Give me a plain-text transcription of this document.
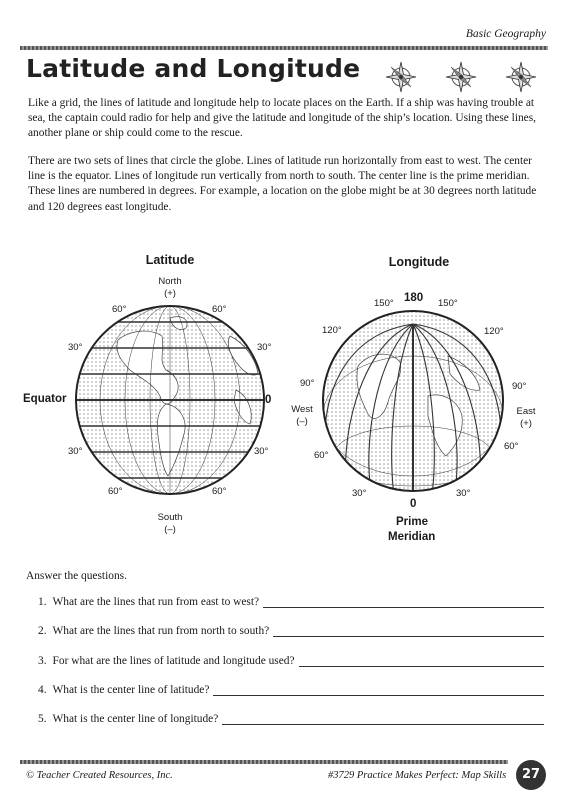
Basic Geography
Latitude and Longitude

Like a grid, the lines of latitude and longitude help to locate places on the Earth. If a ship was having trouble at sea, the captain could radio for help and give the latitude and longitude of the ship’s location. Using these lines, another plane or ship could come to the rescue.

There are two sets of lines that circle the globe. Lines of latitude run horizontally from east to west. The center line is the equator. Lines of longitude run vertically from north to south. The center line is the prime meridian. These lines are numbered in degrees. For example, a location on the globe might be at 30 degrees north latitude and 120 degrees east longitude.

Latitude
North
(+)
60°	60°
30°	30°
Equator	0
30°	30°
60°	60°
South
(–)
Longitude
150° 180 150°
120°	120°
90°	90°
West
(–)
East
(+)
60°
60°
30°	30°
0
Prime
Meridian
Answer the questions.
1. What are the lines that run from east to west?
2. What are the lines that run from north to south?
3. For what are the lines of latitude and longitude used?
4. What is the center line of latitude?
5. What is the center line of longitude?
© Teacher Created Resources, Inc.	#3729 Practice Makes Perfect: Map Skills	27
